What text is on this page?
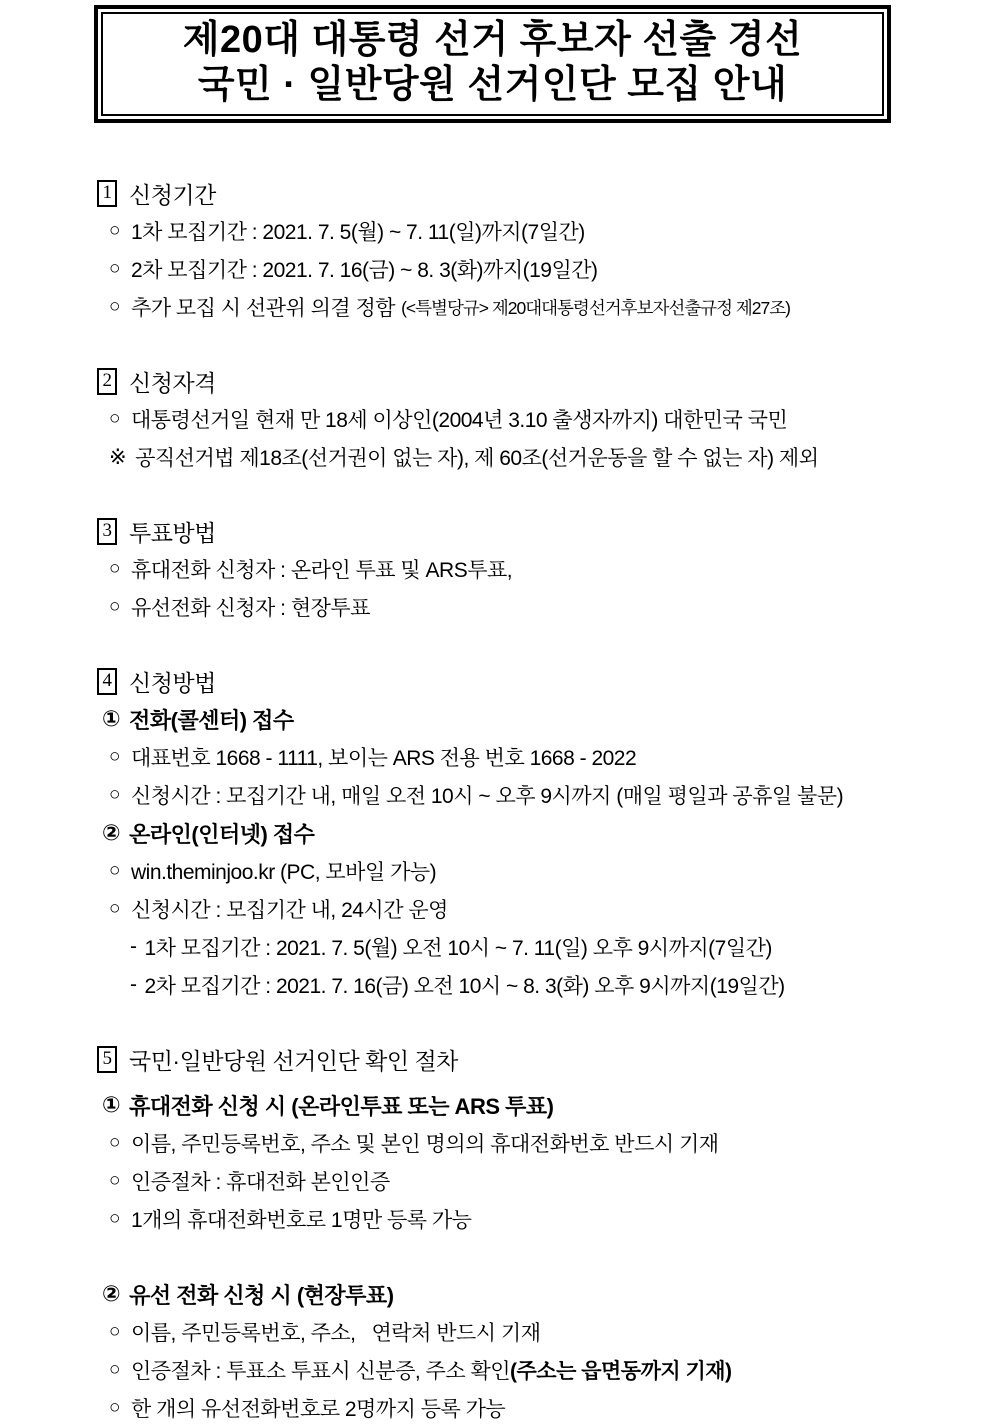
제20대 대통령 선거 후보자 선출 경선
국민 · 일반당원 선거인단 모집 안내
1 신청기간
○ 1차 모집기간 : 2021. 7. 5(월) ~ 7. 11(일)까지(7일간)
○ 2차 모집기간 : 2021. 7. 16(금) ~ 8. 3(화)까지(19일간)
○ 추가 모집 시 선관위 의결 정함 (<특별당규> 제20대대통령선거후보자선출규정 제27조)
2 신청자격
○ 대통령선거일 현재 만 18세 이상인(2004년 3.10 출생자까지) 대한민국 국민
※ 공직선거법 제18조(선거권이 없는 자), 제 60조(선거운동을 할 수 없는 자) 제외
3 투표방법
○ 휴대전화 신청자 : 온라인 투표 및 ARS투표,
○ 유선전화 신청자 : 현장투표
4 신청방법
① 전화(콜센터) 접수
○ 대표번호 1668 - 1111, 보이는 ARS 전용 번호 1668 - 2022
○ 신청시간 : 모집기간 내, 매일 오전 10시 ~ 오후 9시까지 (매일 평일과 공휴일 불문)
② 온라인(인터넷) 접수
○ win.theminjoo.kr (PC, 모바일 가능)
○ 신청시간 : 모집기간 내, 24시간 운영
- 1차 모집기간 : 2021. 7. 5(월) 오전 10시 ~ 7. 11(일) 오후 9시까지(7일간)
- 2차 모집기간 : 2021. 7. 16(금) 오전 10시 ~ 8. 3(화) 오후 9시까지(19일간)
5 국민·일반당원 선거인단 확인 절차
① 휴대전화 신청 시 (온라인투표 또는 ARS 투표)
○ 이름, 주민등록번호, 주소 및 본인 명의의 휴대전화번호 반드시 기재
○ 인증절차 : 휴대전화 본인인증
○ 1개의 휴대전화번호로 1명만 등록 가능
② 유선 전화 신청 시 (현장투표)
○ 이름, 주민등록번호, 주소,   연락처 반드시 기재
○ 인증절차 : 투표소 투표시 신분증, 주소 확인 (주소는 읍면동까지 기재)
○ 한 개의 유선전화번호로 2명까지 등록 가능
